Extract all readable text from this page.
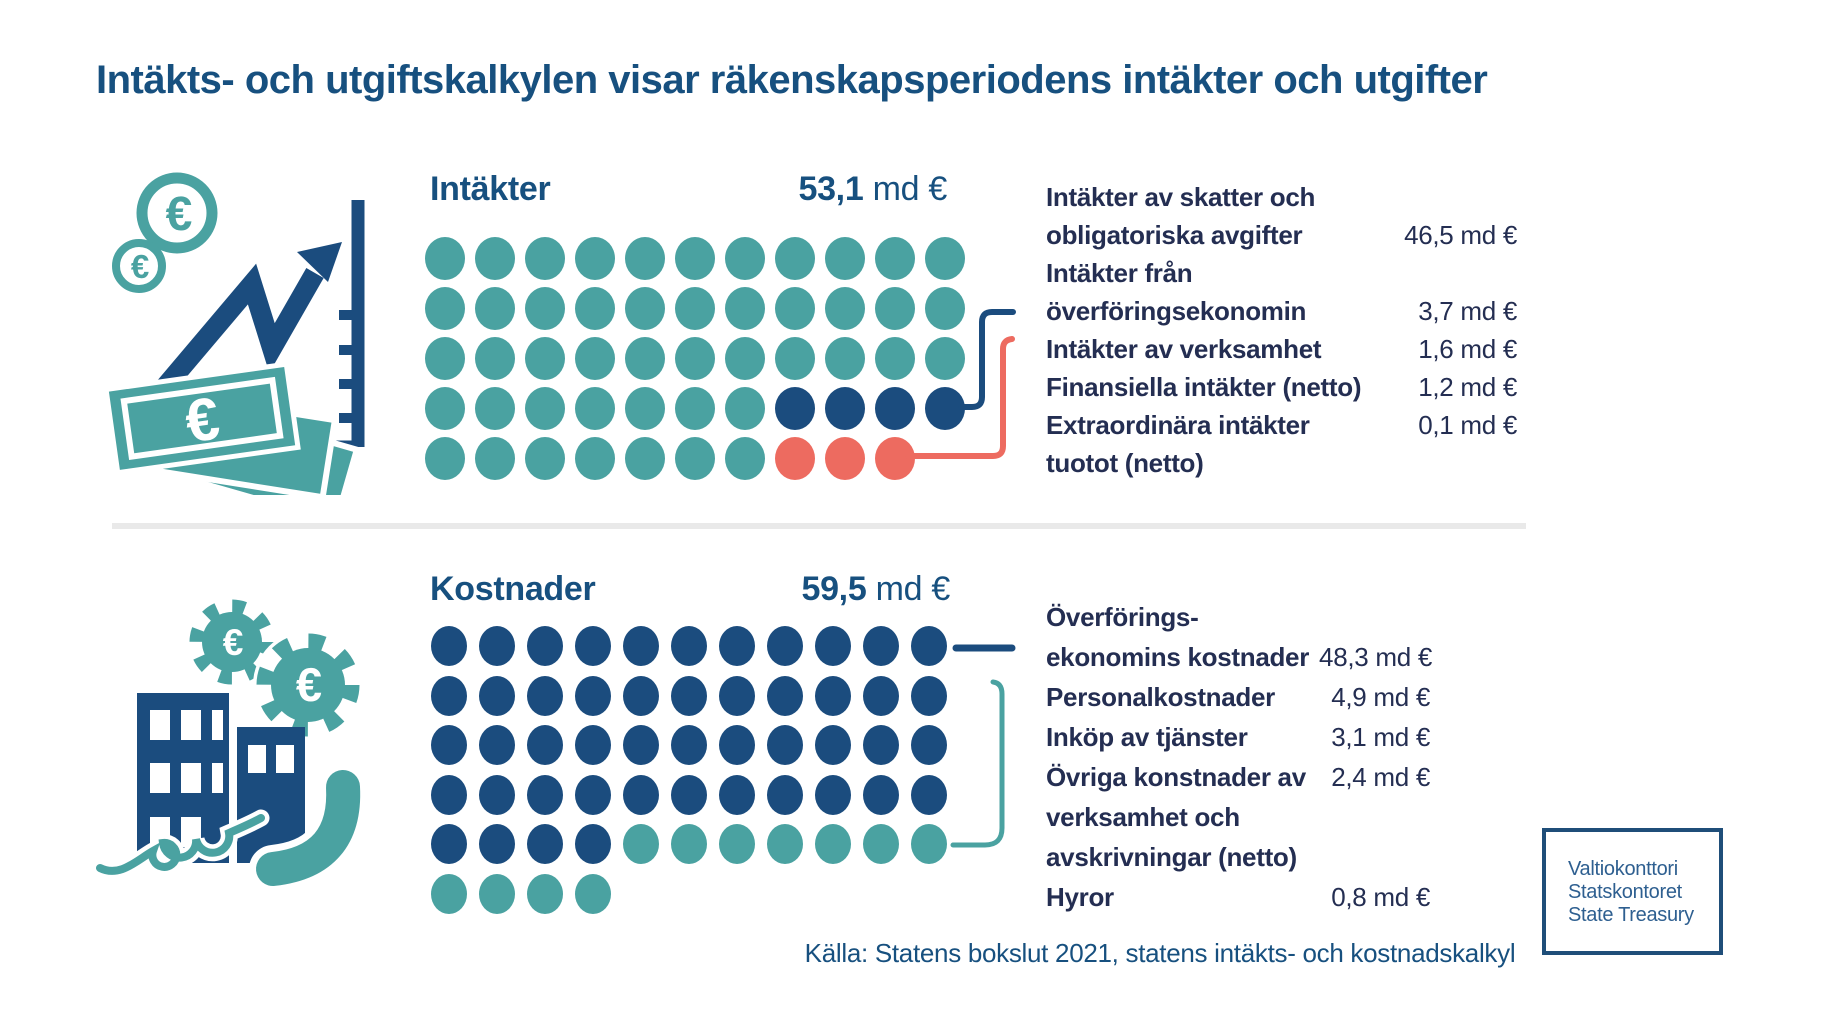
Intäkts- och utgiftskalkylen visar räkenskapsperiodens intäkter och utgifter
€
€
€
Intäkter	53,1 md €	Intäkter av skatter och
obligatoriska avgifter	46,5 md €
Intäkter från
överföringsekonomin	3,7 md €
Intäkter av verksamhet	1,6 md €
Finansiella intäkter (netto)	1,2 md €
Extraordinära intäkter	0,1 md €
tuotot (netto)
€
€
Kostnader	59,5 md €
Överförings-
ekonomins kostnader 48,3 md €
Personalkostnader	4,9 md €
Inköp av tjänster	3,1 md €
Övriga konstnader av 2,4 md €
verksamhet och
avskrivningar (netto)
Hyror	0,8 md €
Källa: Statens bokslut 2021, statens intäkts- och kostnadskalkyl
Valtiokonttori
Statskontoret
State Treasury
